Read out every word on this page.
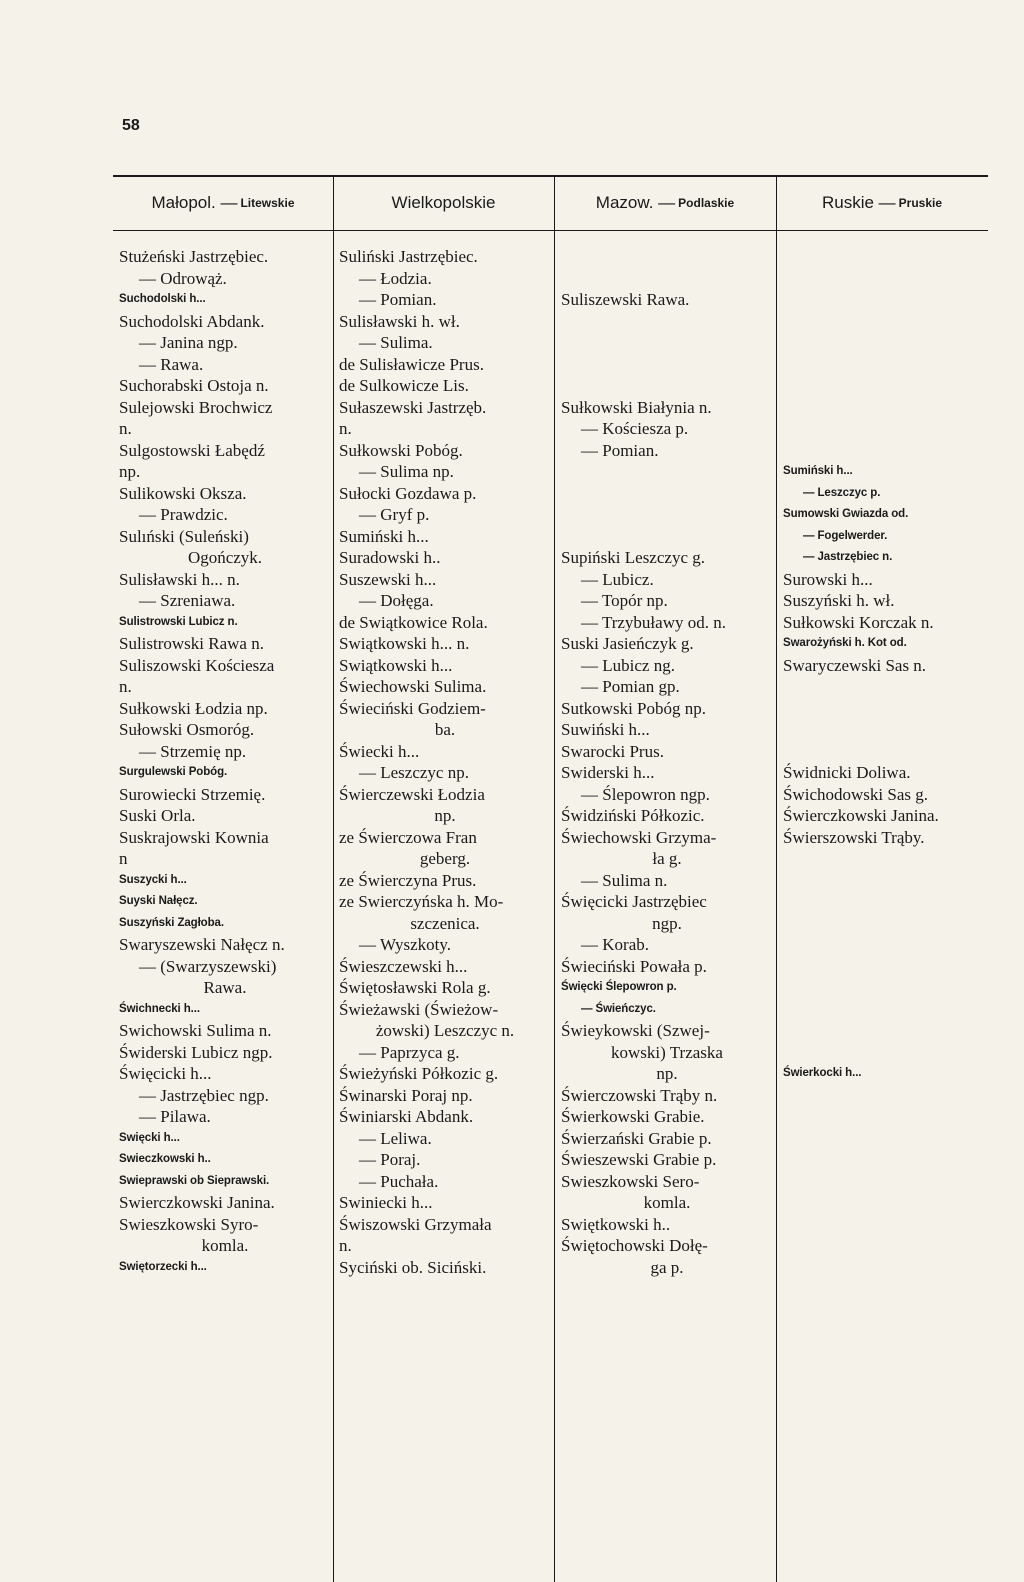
58
Małopol. — Litewskie	Wielkopolskie	Mazow. — Podlaskie	Ruskie — Pruskie
Stużeński Jastrzębiec.
— Odrowąż.
Suchodolski h...
Suchodolski Abdank.
— Janina ngp.
— Rawa.
Suchorabski Ostoja n.
Sulejowski Brochwicz
n.
Sulgostowski Łabędź
np.
Sulikowski Oksza.
— Prawdzic.
Sulıński (Suleński)
Ogończyk.
Sulisławski h... n.
— Szreniawa.
Sulistrowski Lubicz n.
Sulistrowski Rawa n.
Suliszowski Kościesza
n.
Sułkowski Łodzia np.
Sułowski Osmoróg.
— Strzemię np.
Surgulewski Pobóg.
Surowiecki Strzemię.
Suski Orla.
Suskrajowski Kownia
n
Suszycki h...
Suyski Nałęcz.
Suszyński Zagłoba.
Swaryszewski Nałęcz n.
— (Swarzyszewski)
Rawa.
Świchnecki h...
Swichowski Sulima n.
Świderski Lubicz ngp.
Święcicki h...
— Jastrzębiec ngp.
— Pilawa.
Swięcki h...
Swieczkowski h..
Swieprawski ob Sieprawski.
Swierczkowski Janina.
Swieszkowski Syro-
komla.
Swiętorzecki h...
Suliński Jastrzębiec.
— Łodzia.
— Pomian.
Sulisławski h. wł.
— Sulima.
de Sulisławicze Prus.
de Sulkowicze Lis.
Sułaszewski Jastrzęb.
n.
Sułkowski Pobóg.
— Sulima np.
Sułocki Gozdawa p.
— Gryf p.
Sumiński h...
Suradowski h..
Suszewski h...
— Dołęga.
de Swiątkowice Rola.
Swiątkowski h... n.
Swiątkowski h...
Świechowski Sulima.
Świeciński Godziem-
ba.
Świecki h...
— Leszczyc np.
Świerczewski Łodzia
np.
ze Świerczowa Fran
geberg.
ze Świerczyna Prus.
ze Swierczyńska h. Mo-
szczenica.
— Wyszkoty.
Świeszczewski h...
Świętosławski Rola g.
Świeżawski (Świeżow-
żowski) Leszczyc n.
— Paprzyca g.
Świeżyński Półkozic g.
Świnarski Poraj np.
Świniarski Abdank.
— Leliwa.
— Poraj.
— Puchała.
Swiniecki h...
Świszowski Grzymała
n.
Syciński ob. Siciński.
Suliszewski Rawa.
Sułkowski Białynia n.
— Kościesza p.
— Pomian.
Supiński Leszczyc g.
— Lubicz.
— Topór np.
— Trzybuławy od. n.
Suski Jasieńczyk g.
— Lubicz ng.
— Pomian gp.
Sutkowski Pobóg np.
Suwiński h...
Swarocki Prus.
Swiderski h...
— Ślepowron ngp.
Świdziński Półkozic.
Świechowski Grzyma-
ła g.
— Sulima n.
Święcicki Jastrzębiec
ngp.
— Korab.
Świeciński Powała p.
Święcki Ślepowron p.
— Świeńczyc.
Świeykowski (Szwej-
kowski) Trzaska
np.
Świerczowski Trąby n.
Świerkowski Grabie.
Świerzański Grabie p.
Świeszewski Grabie p.
Swieszkowski Sero-
komla.
Swiętkowski h..
Świętochowski Dołę-
ga p.
Sumiński h...
— Leszczyc p.
Sumowski Gwiazda od.
— Fogelwerder.
— Jastrzębiec n.
Surowski h...
Suszyński h. wł.
Sułkowski Korczak n.
Swarożyński h. Kot od.
Swaryczewski Sas n.
Świdnicki Doliwa.
Świchodowski Sas g.
Świerczkowski Janina.
Świerszowski Trąby.
Świerkocki h...
